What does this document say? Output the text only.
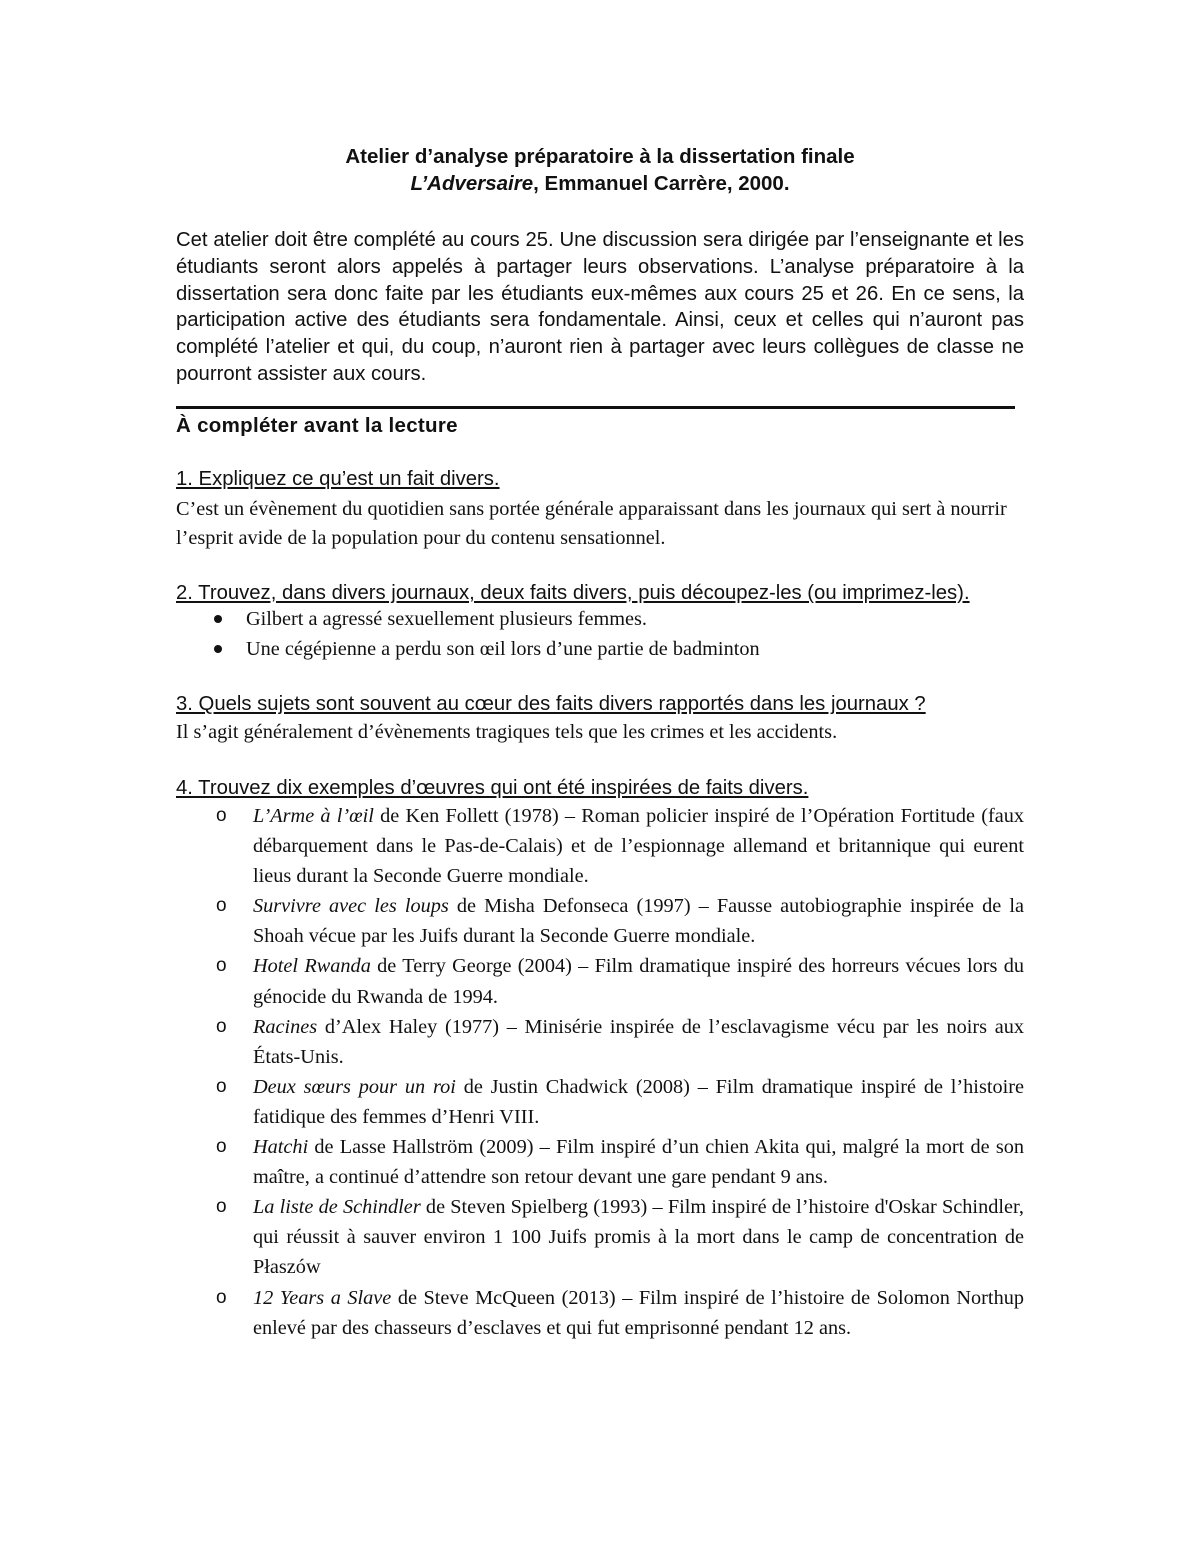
Atelier d’analyse préparatoire à la dissertation finale
L’Adversaire, Emmanuel Carrère, 2000.

Cet atelier doit être complété au cours 25. Une discussion sera dirigée par l’enseignante et les étudiants seront alors appelés à partager leurs observations. L’analyse préparatoire à la dissertation sera donc faite par les étudiants eux-mêmes aux cours 25 et 26. En ce sens, la participation active des étudiants sera fondamentale. Ainsi, ceux et celles qui n’auront pas complété l’atelier et qui, du coup, n’auront rien à partager avec leurs collègues de classe ne pourront assister aux cours.

À compléter avant la lecture
1. Expliquez ce qu’est un fait divers.

C’est un évènement du quotidien sans portée générale apparaissant dans les journaux qui sert à nourrir l’esprit avide de la population pour du contenu sensationnel.

2. Trouvez, dans divers journaux, deux faits divers, puis découpez-les (ou imprimez-les).
Gilbert a agressé sexuellement plusieurs femmes.
Une cégépienne a perdu son œil lors d’une partie de badminton
3. Quels sujets sont souvent au cœur des faits divers rapportés dans les journaux ?

Il s’agit généralement d’évènements tragiques tels que les crimes et les accidents.

4. Trouvez dix exemples d’œuvres qui ont été inspirées de faits divers.
o L’Arme à l’œil de Ken Follett (1978) – Roman policier inspiré de l’Opération Fortitude (faux débarquement dans le Pas-de-Calais) et de l’espionnage allemand et britannique qui eurent lieus durant la Seconde Guerre mondiale.
o Survivre avec les loups de Misha Defonseca (1997) – Fausse autobiographie inspirée de la Shoah vécue par les Juifs durant la Seconde Guerre mondiale.
o Hotel Rwanda de Terry George (2004) – Film dramatique inspiré des horreurs vécues lors du génocide du Rwanda de 1994.
o Racines d’Alex Haley (1977) – Minisérie inspirée de l’esclavagisme vécu par les noirs aux États-Unis.
o Deux sœurs pour un roi de Justin Chadwick (2008) – Film dramatique inspiré de l’histoire fatidique des femmes d’Henri VIII.
o Hatchi de Lasse Hallström (2009) – Film inspiré d’un chien Akita qui, malgré la mort de son maître, a continué d’attendre son retour devant une gare pendant 9 ans.
o La liste de Schindler de Steven Spielberg (1993) – Film inspiré de l’histoire d'Oskar Schindler, qui réussit à sauver environ 1 100 Juifs promis à la mort dans le camp de concentration de Płaszów
o 12 Years a Slave de Steve McQueen (2013) – Film inspiré de l’histoire de Solomon Northup enlevé par des chasseurs d’esclaves et qui fut emprisonné pendant 12 ans.
